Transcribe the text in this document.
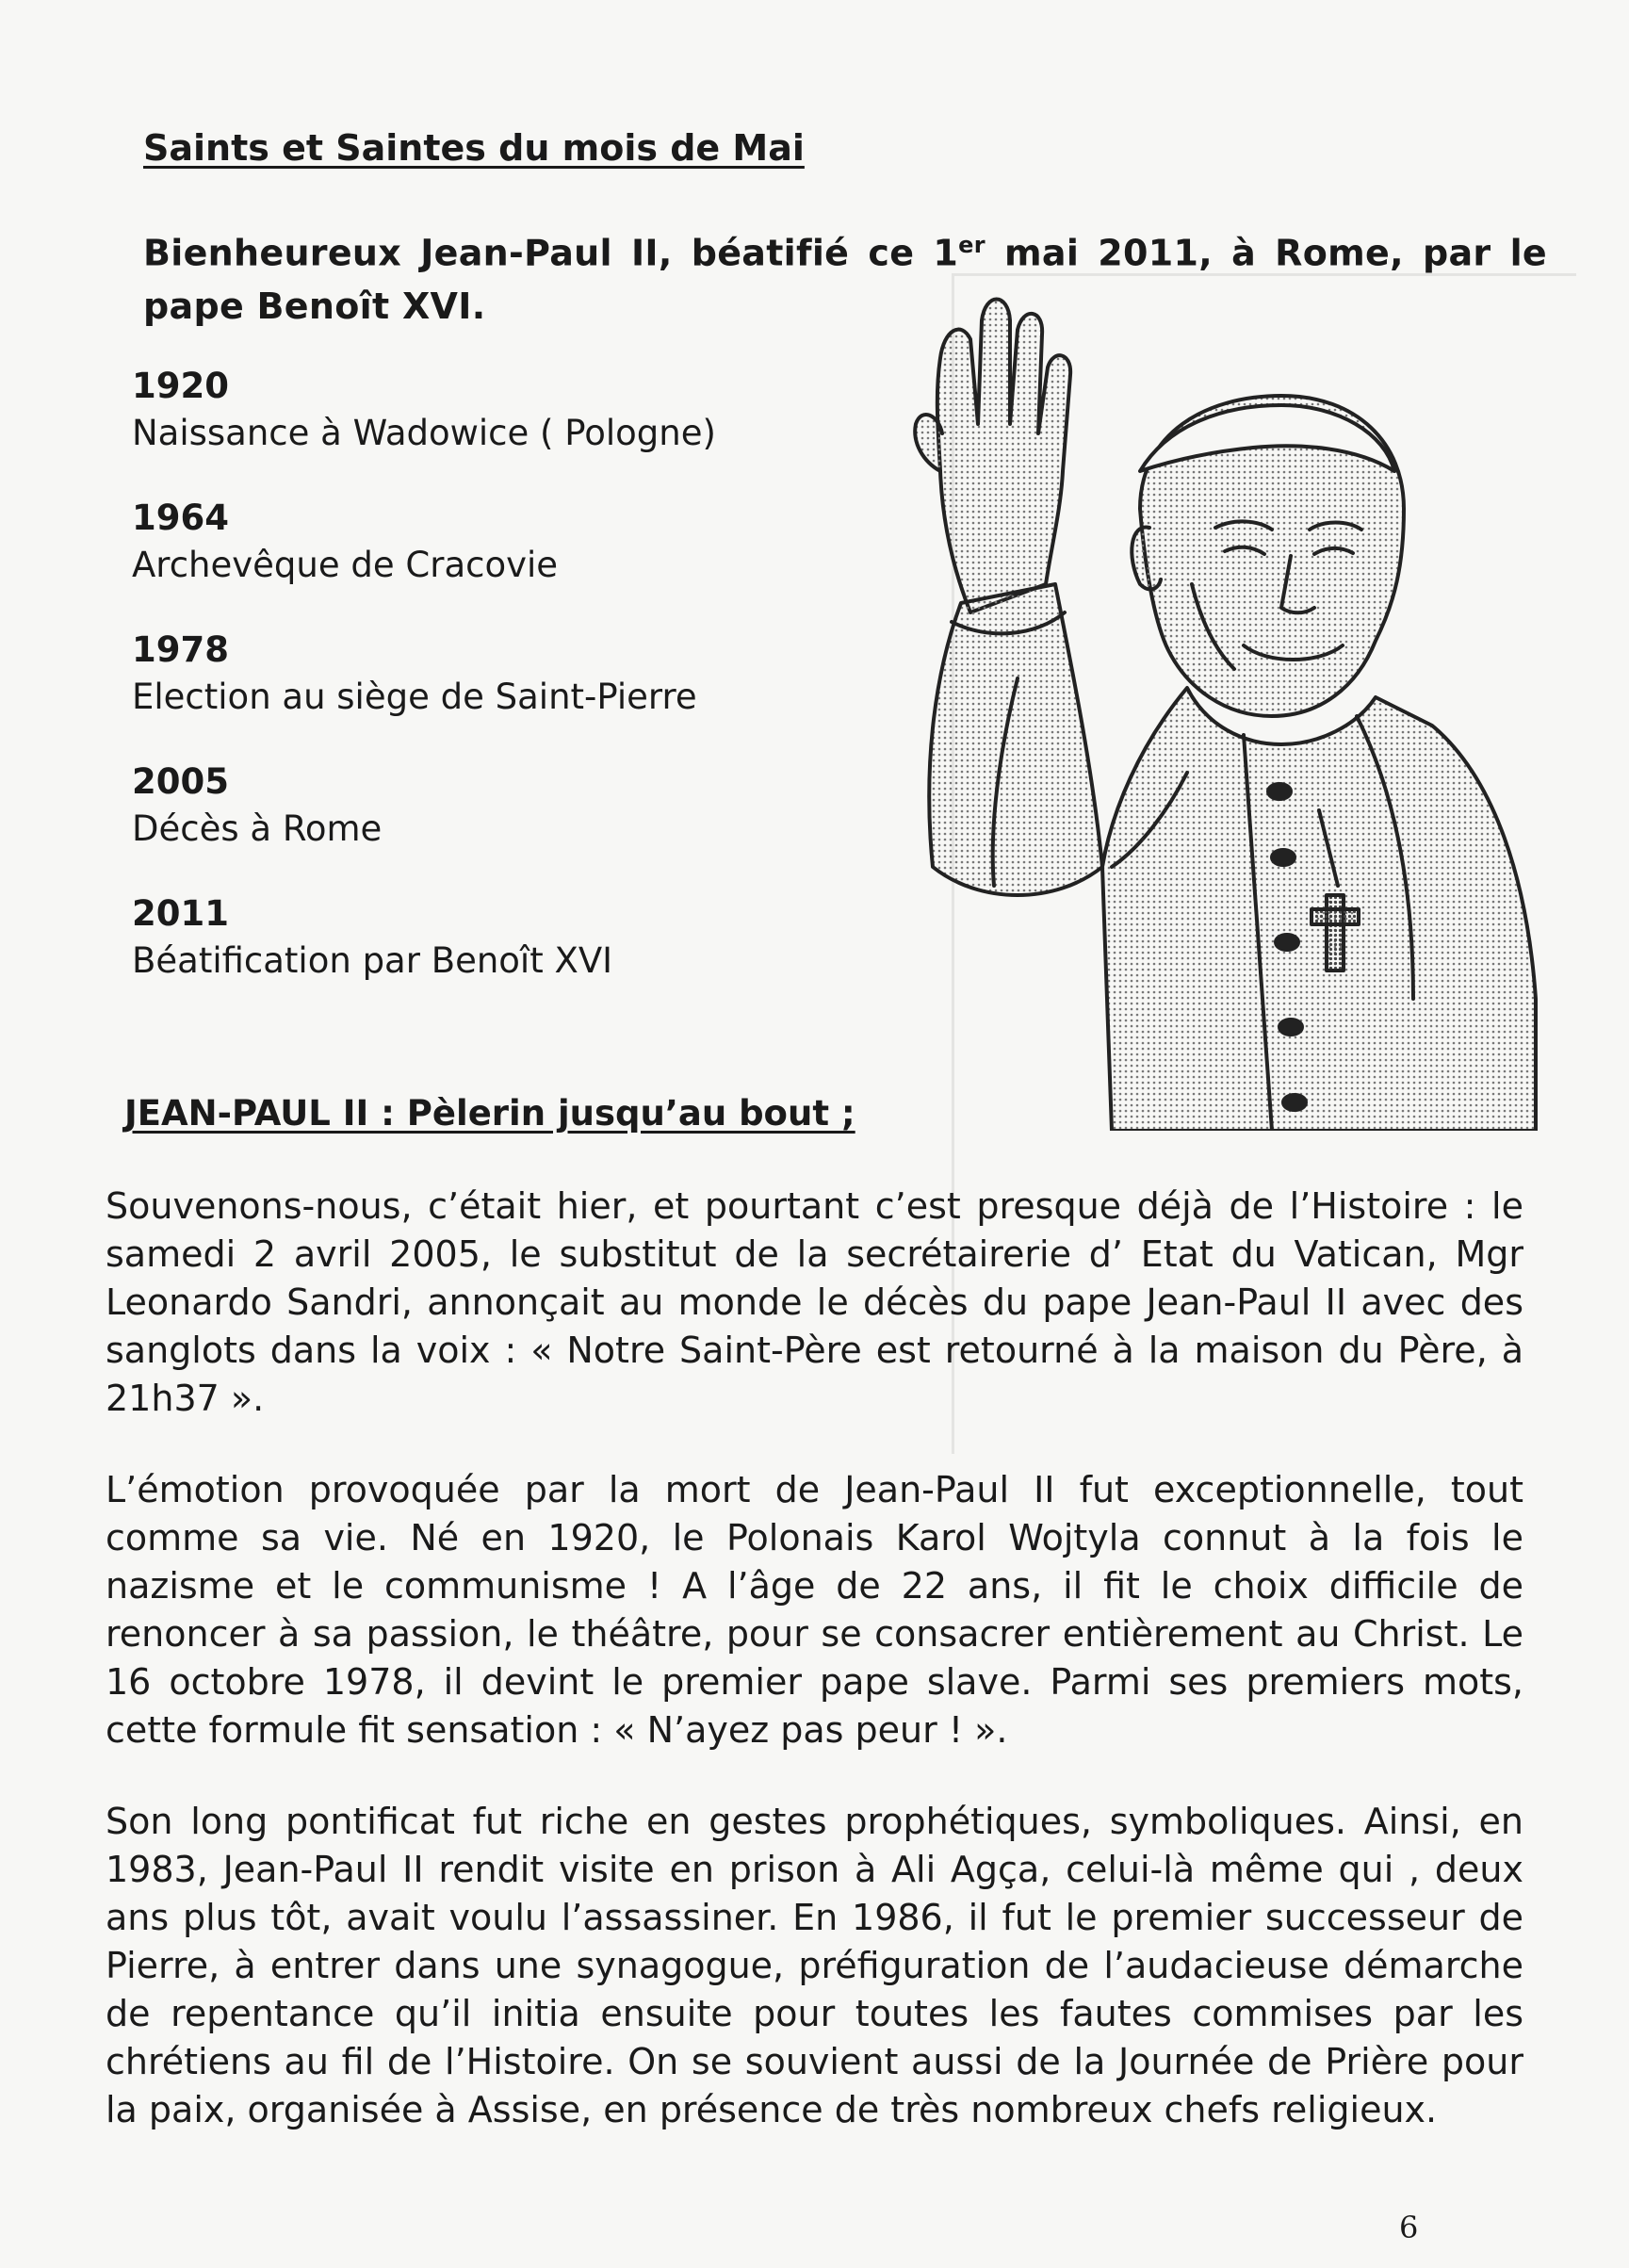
Saints et Saintes du mois de Mai
Bienheureux Jean-Paul II, béatifié ce 1er mai 2011, à Rome, par le pape Benoît XVI.
1920
Naissance à Wadowice ( Pologne)
1964
Archevêque de Cracovie
1978
Election au siège de Saint-Pierre
2005
Décès à Rome
2011
Béatification par Benoît XVI
JEAN-PAUL II : Pèlerin jusqu’au bout ;

Souvenons-nous, c’était hier, et pourtant c’est presque déjà de l’Histoire : le samedi 2 avril 2005, le substitut de la secrétairerie d’ Etat du Vatican, Mgr Leonardo Sandri, annonçait au monde le décès du pape Jean-Paul II avec des sanglots dans la voix : « Notre Saint-Père est retourné à la maison du Père, à 21h37 ».

L’émotion provoquée par la mort de Jean-Paul II fut exceptionnelle, tout comme sa vie. Né en 1920, le Polonais Karol Wojtyla connut à la fois le nazisme et le communisme ! A l’âge de 22 ans, il fit le choix difficile de renoncer à sa passion, le théâtre, pour se consacrer entièrement au Christ. Le 16 octobre 1978, il devint le premier pape slave. Parmi ses premiers mots, cette formule fit sensation : « N’ayez pas peur ! ».

Son long pontificat fut riche en gestes prophétiques, symboliques. Ainsi, en 1983, Jean-Paul II rendit visite en prison à Ali Agça, celui-là même qui , deux ans plus tôt, avait voulu l’assassiner. En 1986, il fut le premier successeur de Pierre, à entrer dans une synagogue, préfiguration de l’audacieuse démarche de repentance qu’il initia ensuite pour toutes les fautes commises par les chrétiens au fil de l’Histoire. On se souvient aussi de la Journée de Prière pour la paix, organisée à Assise, en présence de très nombreux chefs religieux.

6
